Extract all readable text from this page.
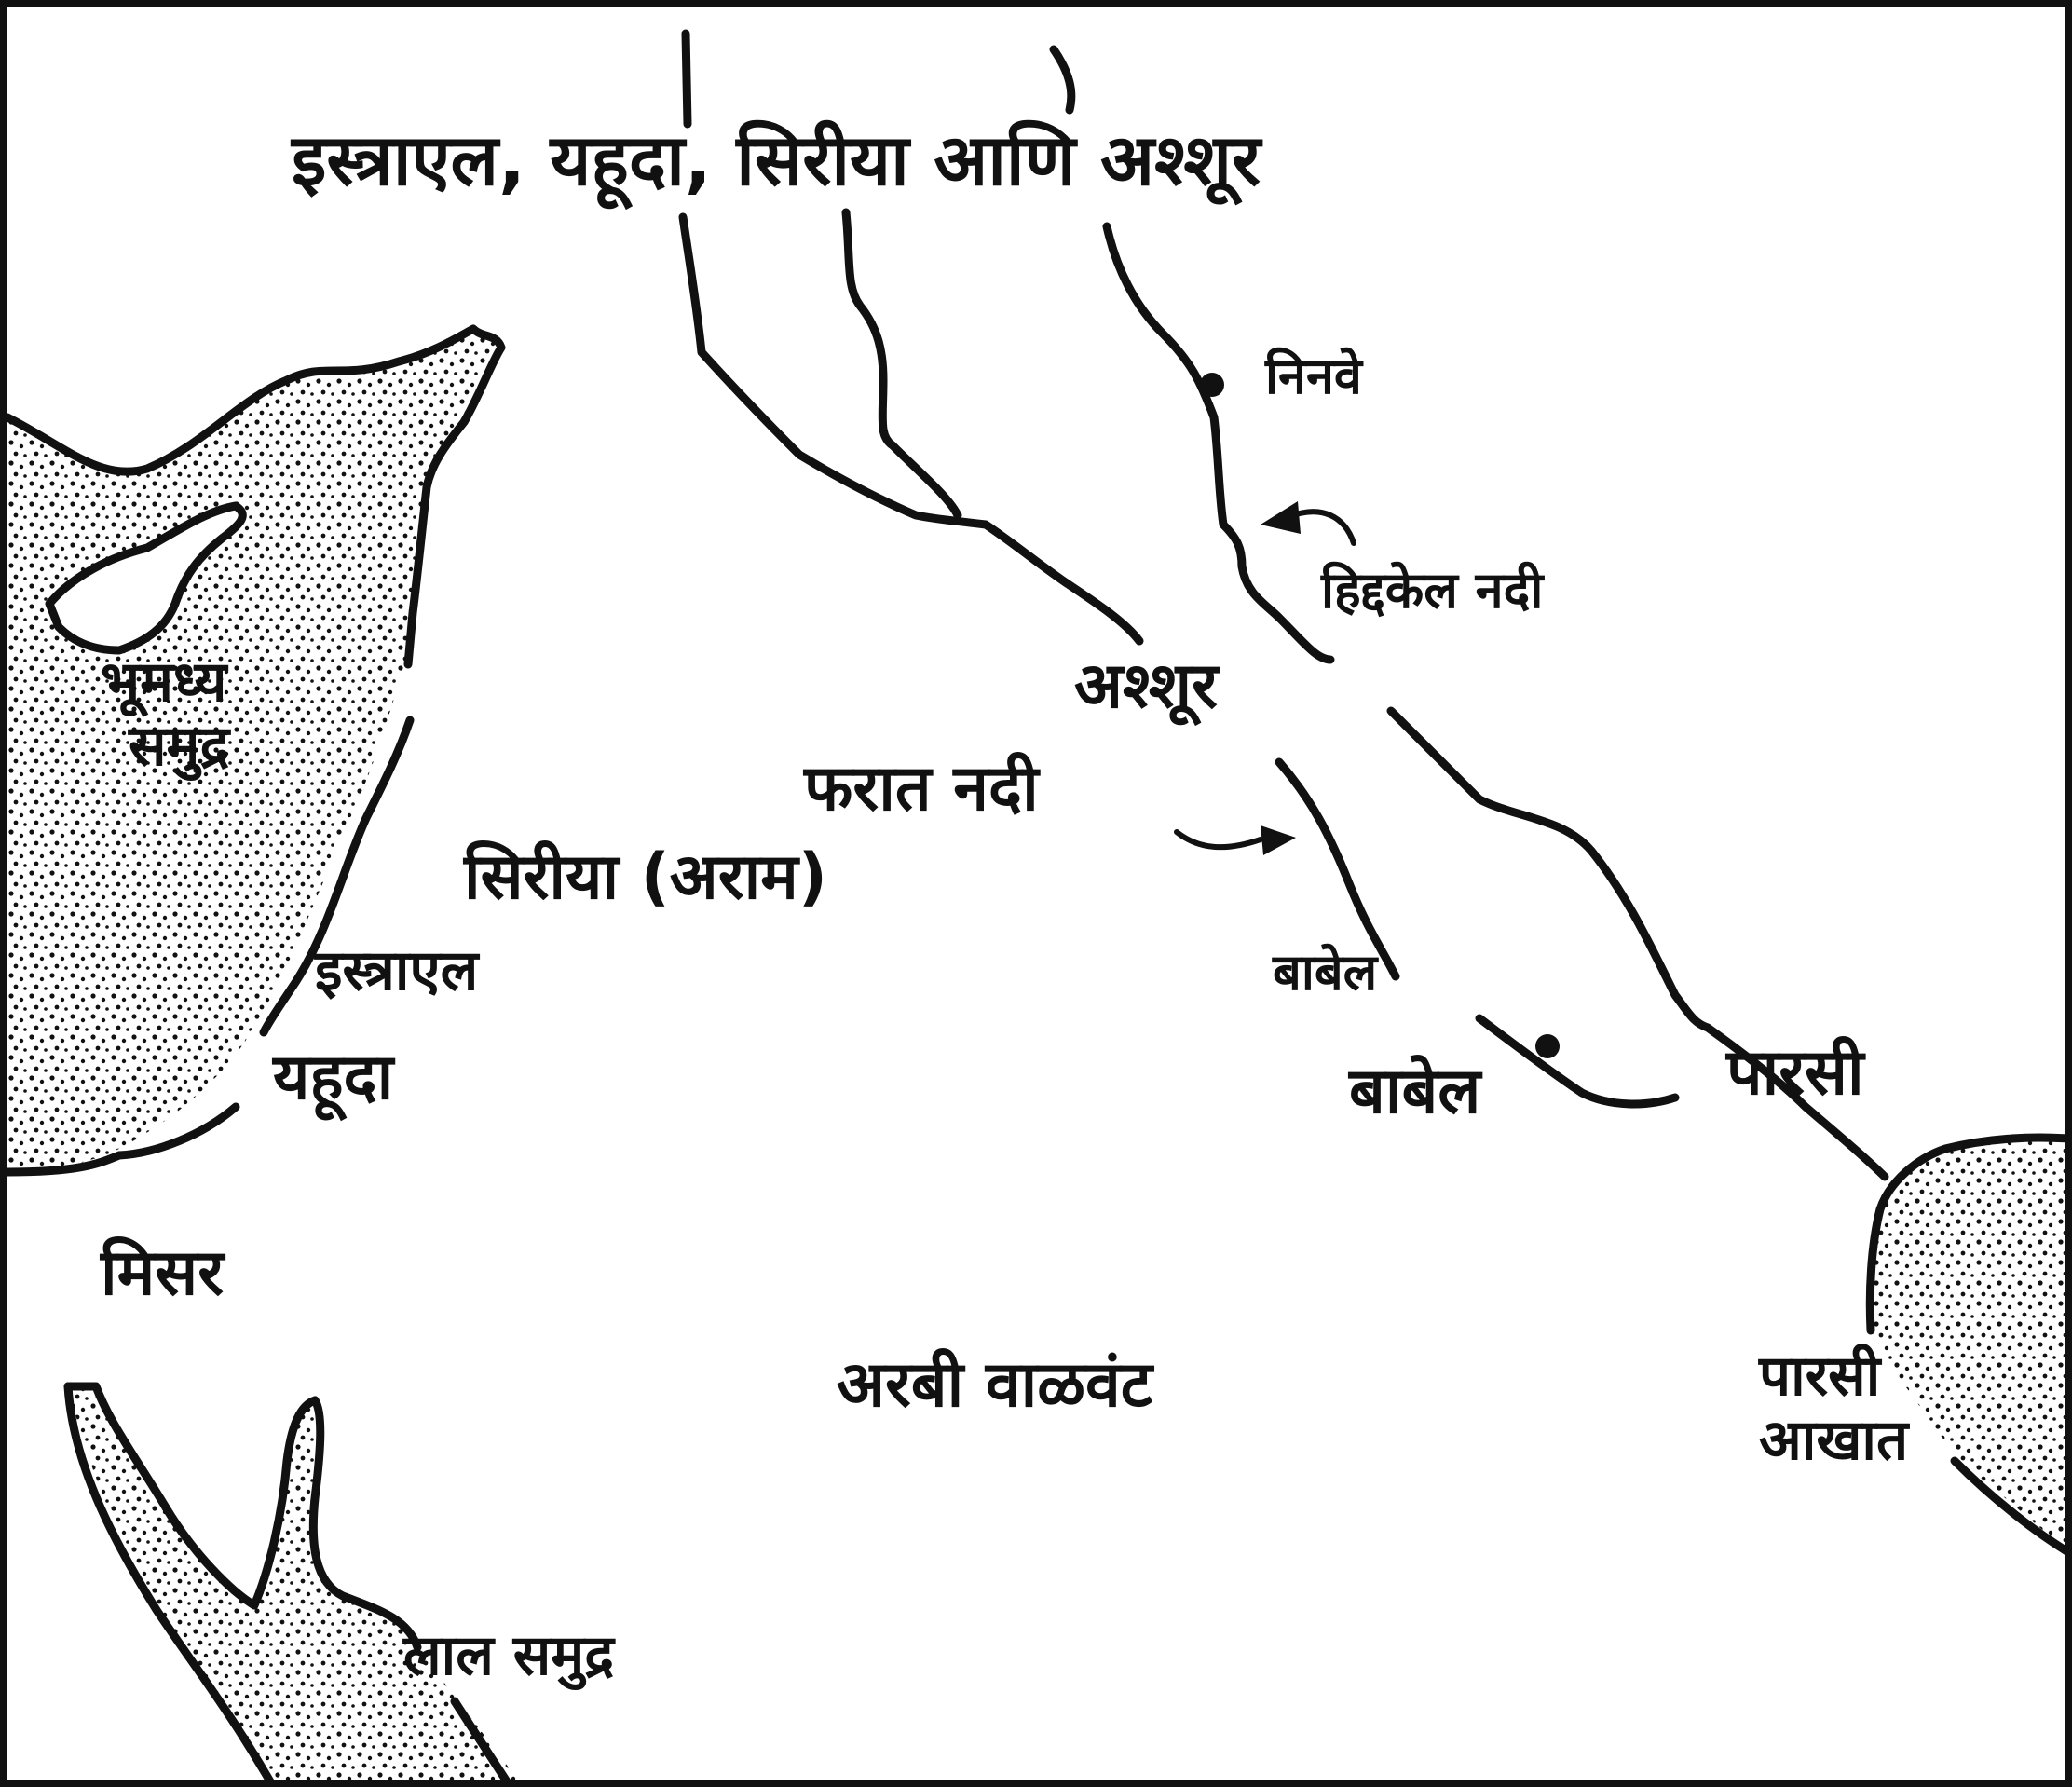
इस्त्राएल, यहूदा, सिरीया आणि अश्शूर
भूमध्य
समुद्र
सिरीया (अराम)
इस्त्राएल
यहूदा
मिसर
अरबी वाळवंट
अश्शूर
बाबेल	पारसी
लाल समुद्र
पारसी
आखात
फरात नदी
हिद्दकेल नदी
निनवे
बाबेल
